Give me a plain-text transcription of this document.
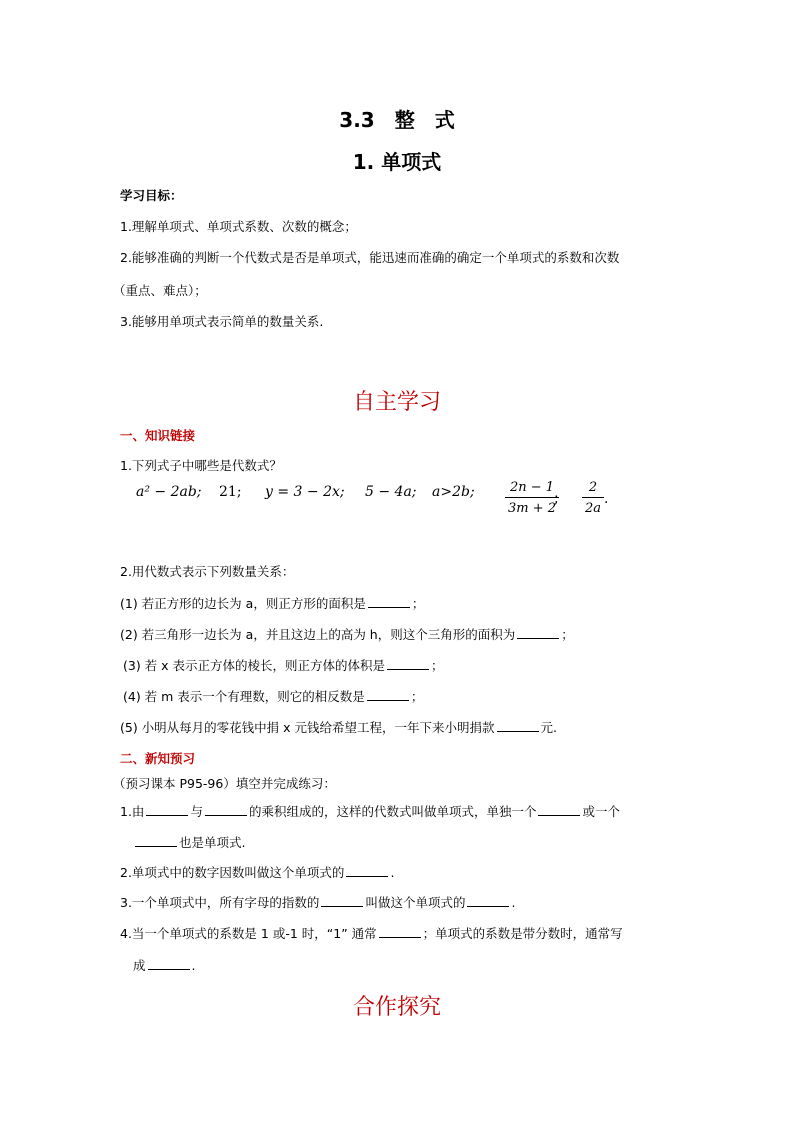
3.3　整　式
1. 单项式
学习目标：
1.理解单项式、单项式系数、次数的概念；
2.能够准确的判断一个代数式是否是单项式，能迅速而准确的确定一个单项式的系数和次数
（重点、难点）；
3.能够用单项式表示简单的数量关系.
自主学习
一、知识链接
1.下列式子中哪些是代数式？
a² − 2ab; 21; y = 3 − 2x; 5 − 4a; a>2b; $\frac{2n - 1}{3m + 2}$
; $\frac{2}{2a}$ .
2.用代数式表示下列数量关系：
(1) 若正方形的边长为 a，则正方形的面积是	；
(2) 若三角形一边长为 a，并且这边上的高为 h，则这个三角形的面积为	；
(3) 若 x 表示正方体的棱长，则正方体的体积是	；
(4) 若 m 表示一个有理数，则它的相反数是	；
(5) 小明从每月的零花钱中捐 x 元钱给希望工程，一年下来小明捐款	元.
二、新知预习
（预习课本 P95-96）填空并完成练习：
1.由	与	的乘积组成的，这样的代数式叫做单项式，单独一个	或一个
也是单项式.
2.单项式中的数字因数叫做这个单项式的	.
3.一个单项式中，所有字母的指数的	叫做这个单项式的	.
4.当一个单项式的系数是 1 或-1 时，“1” 通常	；单项式的系数是带分数时，通常写
成	.
合作探究
